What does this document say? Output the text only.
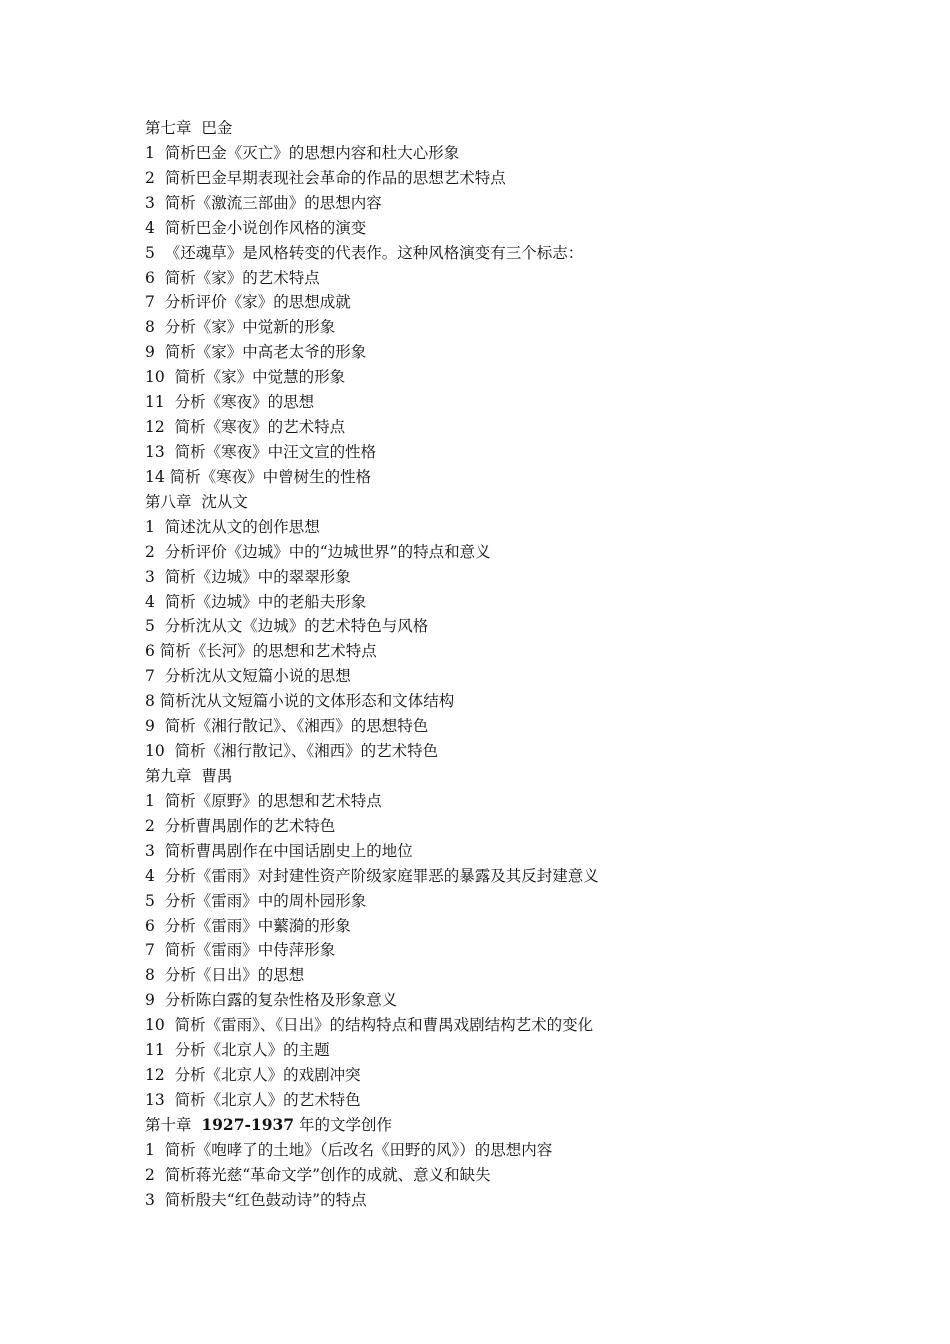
第七章  巴金
1  简析巴金《灭亡》的思想内容和杜大心形象
2  简析巴金早期表现社会革命的作品的思想艺术特点
3  简析《激流三部曲》的思想内容
4  简析巴金小说创作风格的演变
5  《还魂草》是风格转变的代表作。这种风格演变有三个标志：
6  简析《家》的艺术特点
7  分析评价《家》的思想成就
8  分析《家》中觉新的形象
9  简析《家》中高老太爷的形象
10  简析《家》中觉慧的形象
11  分析《寒夜》的思想
12  简析《寒夜》的艺术特点
13  简析《寒夜》中汪文宣的性格
14 简析《寒夜》中曾树生的性格
第八章  沈从文
1  简述沈从文的创作思想
2  分析评价《边城》中的“边城世界”的特点和意义
3  简析《边城》中的翠翠形象
4  简析《边城》中的老船夫形象
5  分析沈从文《边城》的艺术特色与风格
6 简析《长河》的思想和艺术特点
7  分析沈从文短篇小说的思想
8 简析沈从文短篇小说的文体形态和文体结构
9  简析《湘行散记》、《湘西》的思想特色
10  简析《湘行散记》、《湘西》的艺术特色
第九章  曹禺
1  简析《原野》的思想和艺术特点
2  分析曹禺剧作的艺术特色
3  简析曹禺剧作在中国话剧史上的地位
4  分析《雷雨》对封建性资产阶级家庭罪恶的暴露及其反封建意义
5  分析《雷雨》中的周朴园形象
6  分析《雷雨》中蘩漪的形象
7  简析《雷雨》中侍萍形象
8  分析《日出》的思想
9  分析陈白露的复杂性格及形象意义
10  简析《雷雨》、《日出》的结构特点和曹禺戏剧结构艺术的变化
11  分析《北京人》的主题
12  分析《北京人》的戏剧冲突
13  简析《北京人》的艺术特色
第十章  1927-1937 年的文学创作
1  简析《咆哮了的土地》（后改名《田野的风》）的思想内容
2  简析蒋光慈“革命文学”创作的成就、意义和缺失
3  简析殷夫“红色鼓动诗”的特点
